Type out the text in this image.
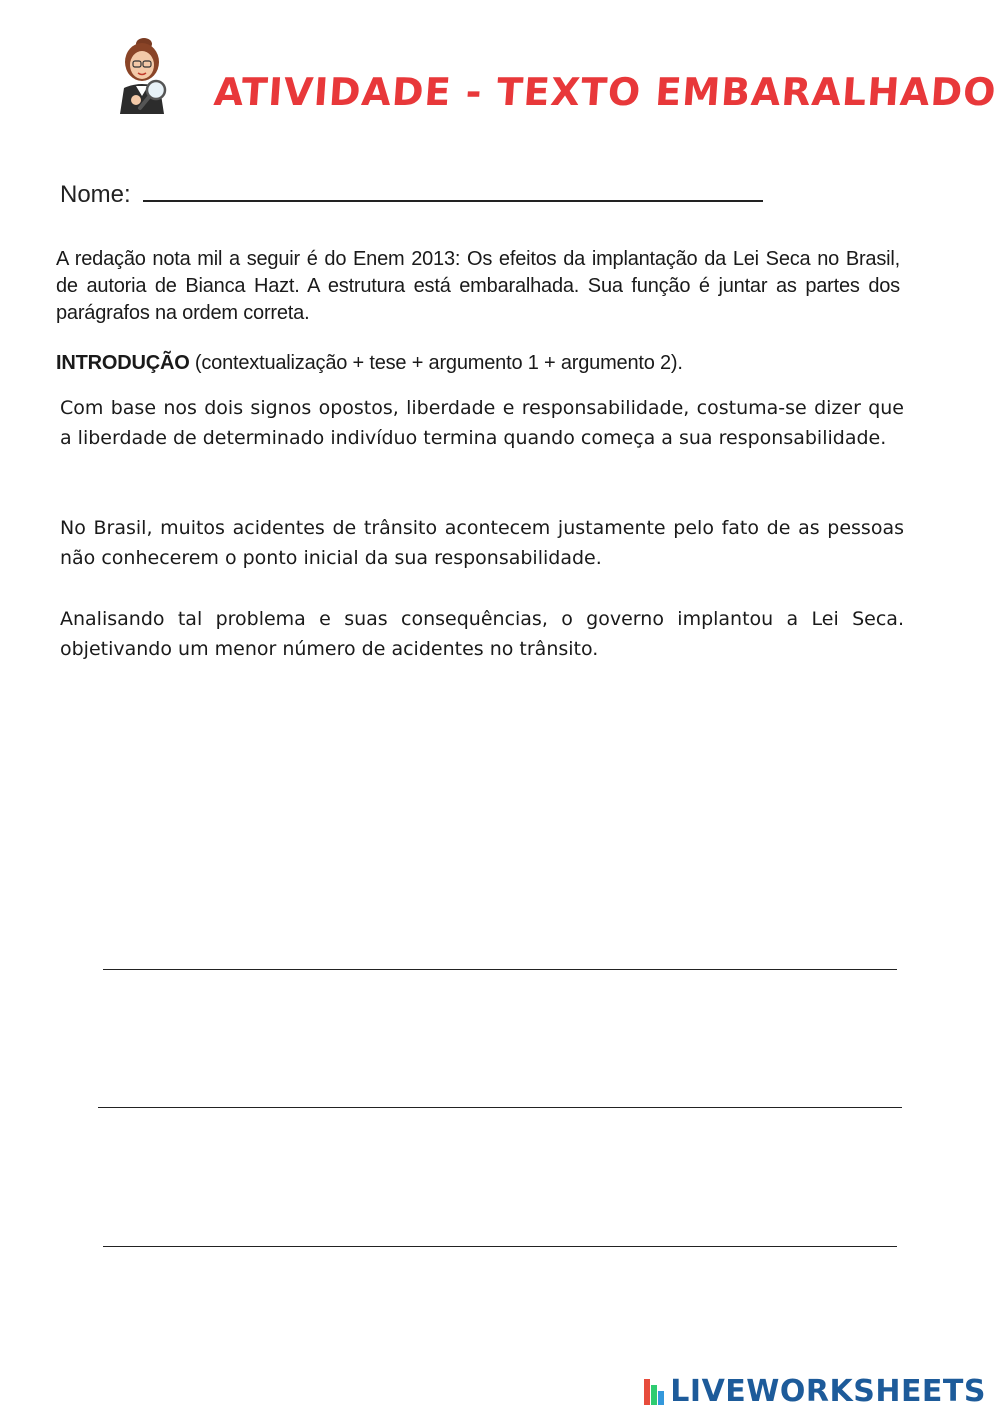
ATIVIDADE - TEXTO EMBARALHADO
Nome:
A redação nota mil a seguir é do Enem 2013: Os efeitos da implantação da Lei Seca no Brasil, de autoria de Bianca Hazt. A estrutura está embaralhada. Sua função é juntar as partes dos parágrafos na ordem correta.
INTRODUÇÃO (contextualização + tese + argumento 1 + argumento 2).
Com base nos dois signos opostos, liberdade e responsabilidade, costuma-se dizer que a liberdade de determinado indivíduo termina quando começa a sua responsabilidade.
No Brasil, muitos acidentes de trânsito acontecem justamente pelo fato de as pessoas não conhecerem o ponto inicial da sua responsabilidade.
Analisando tal problema e suas consequências, o governo implantou a Lei Seca. objetivando um menor número de acidentes no trânsito.
LIVEWORKSHEETS
